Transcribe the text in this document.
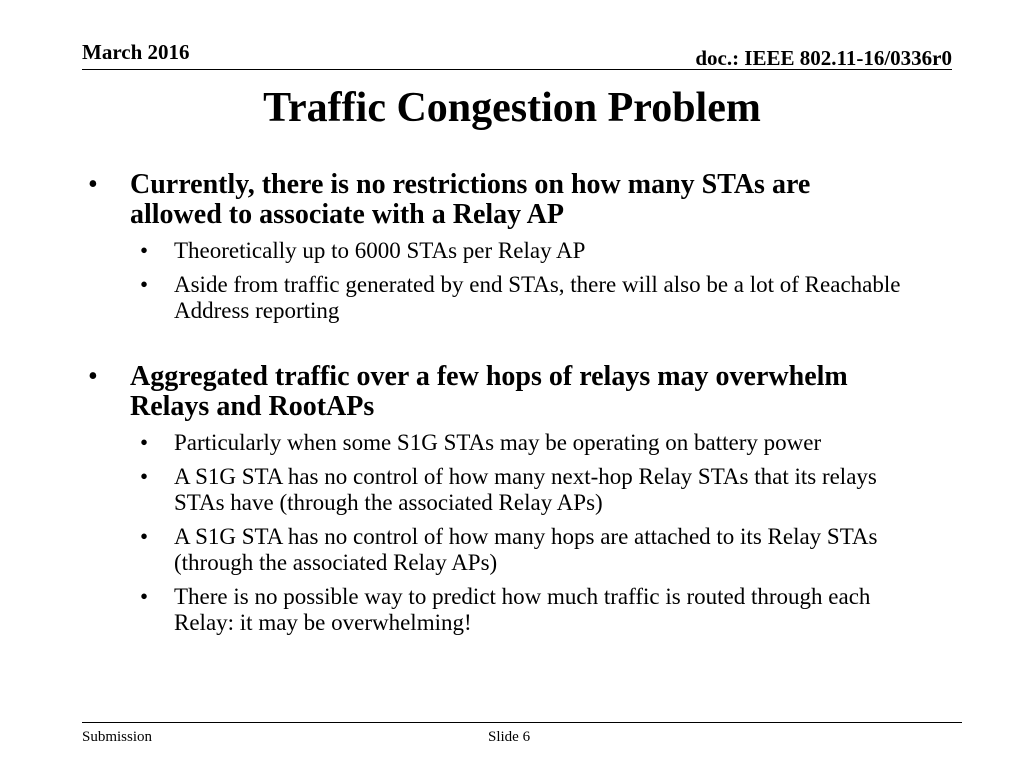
March 2016	doc.: IEEE 802.11-16/0336r0
Traffic Congestion Problem
• Currently, there is no restrictions on how many STAs are allowed to associate with a Relay AP
• Theoretically up to 6000 STAs per Relay AP
• Aside from traffic generated by end STAs, there will also be a lot of Reachable Address reporting
• Aggregated traffic over a few hops of relays may overwhelm Relays and RootAPs
• Particularly when some S1G STAs may be operating on battery power
• A S1G STA has no control of how many next-hop Relay STAs that its relays STAs have (through the associated Relay APs)
• A S1G STA has no control of how many hops are attached to its Relay STAs (through the associated Relay APs)
• There is no possible way to predict how much traffic is routed through each Relay: it may be overwhelming!
Submission	Slide 6
